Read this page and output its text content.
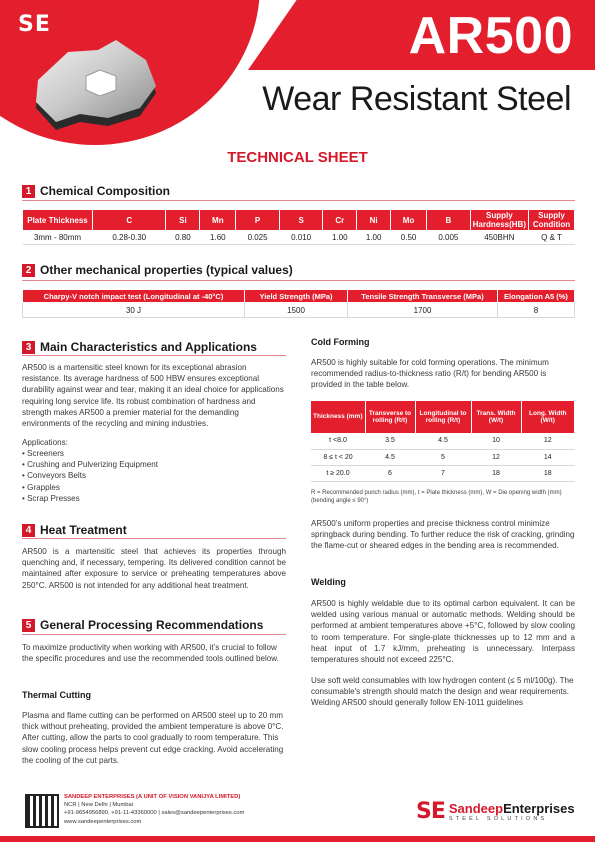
SE	AR500
Wear Resistant Steel
TECHNICAL SHEET
1 Chemical Composition
Plate Thickness	C	Si	Mn	P	S	Cr	Ni	Mo	B	Supply Hardness(HB)	Supply Condition
3mm - 80mm	0.28-0.30	0.80	1.60	0.025	0.010	1.00	1.00	0.50	0.005	450BHN	Q & T
2 Other mechanical properties (typical values)
Charpy-V notch impact test (Longitudinal at -40°C)	Yield Strength (MPa)	Tensile Strength Transverse (MPa)	Elongation A5 (%)
30 J	1500	1700	8
3 Main Characteristics and Applications

AR500 is a martensitic steel known for its exceptional abrasion resistance. Its average hardness of 500 HBW ensures exceptional durability against wear and tear, making it an ideal choice for applications requiring long service life. Its robust combination of hardness and strength makes AR500 a premier material for the demanding environments of the recycling and mining industries.

Applications:
• Screeners
• Crushing and Pulverizing Equipment
• Conveyors Belts
• Grapples
• Scrap Presses
4 Heat Treatment

AR500 is a martensitic steel that achieves its properties through quenching and, if necessary, tempering. Its delivered condition cannot be maintained after exposure to service or preheating temperatures above 250°C. AR500 is not intended for any additional heat treatment.

5 General Processing Recommendations

To maximize productivity when working with AR500, it’s crucial to follow the specific procedures and use the recommended tools outlined below.

Thermal Cutting

Plasma and flame cutting can be performed on AR500 steel up to 20 mm thick without preheating, provided the ambient temperature is above 0°C. After cutting, allow the parts to cool gradually to room temperature. This slow cooling process helps prevent cut edge cracking. Avoid accelerating the cooling of the cut parts.

Cold Forming

AR500 is highly suitable for cold forming operations. The minimum recommended radius-to-thickness ratio (R/t) for bending AR500 is provided in the table below.

Thickness (mm)	Transverse to rolling (R/t)	Longitudinal to rolling (R/t)	Trans. Width (W/t)	Long. Width (W/t)
t <8.0	3.5	4.5	10	12
8 ≤ t < 20	4.5	5	12	14
t ≥ 20.0	6	7	18	18

R = Recommended punch radius (mm), t = Plate thickness (mm), W = Die opening width (mm) (bending angle ≤ 90°)

AR500’s uniform properties and precise thickness control minimize springback during bending. To further reduce the risk of cracking, grinding the flame-cut or sheared edges in the bending area is recommended.

Welding

AR500 is highly weldable due to its optimal carbon equivalent. It can be welded using various manual or automatic methods. Welding should be performed at ambient temperatures above +5°C, followed by slow cooling to room temperature. For single-plate thicknesses up to 12 mm and a heat input of 1.7 kJ/mm, preheating is unnecessary. Interpass temperatures should not exceed 225°C.

Use soft weld consumables with low hydrogen content (≤ 5 ml/100g). The consumable's strength should match the design and wear requirements. Welding AR500 should generally follow EN-1011 guidelines

SANDEEP ENTERPRISES (A UNIT OF VISION VANIJYA LIMITED)
NCR | New Delhi | Mumbai
+91-9654956890, +91-11-43360000 | sales@sandeepenterprises.com
www.sandeepenterprises.com	SE SandeepEnterprises
STEEL SOLUTIONS
